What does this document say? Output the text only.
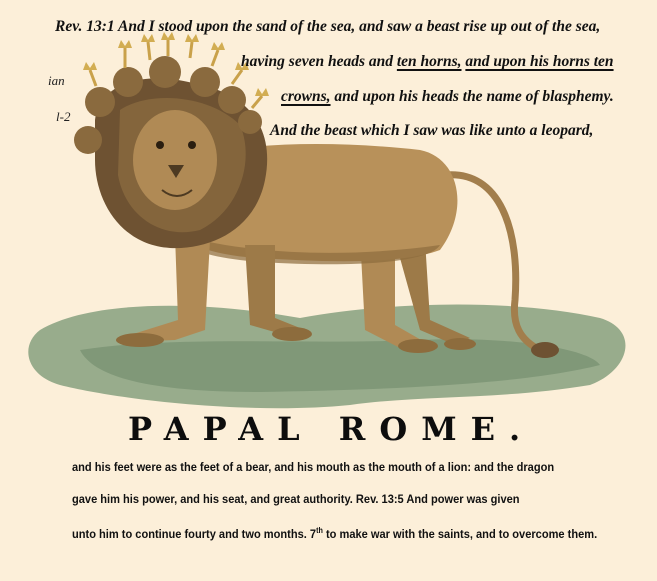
ian
l-2
Rev. 13:1 And I stood upon the sand of the sea, and saw a beast rise up out of the sea,
having seven heads and ten horns, and upon his horns ten
crowns, and upon his heads the name of blasphemy.
And the beast which I saw was like unto a leopard,
PAPAL ROME.
and his feet were as the feet of a bear, and his mouth as the mouth of a lion: and the dragon
gave him his power, and his seat, and great authority. Rev. 13:5 And power was given
unto him to continue fourty and two months. 7th to make war with the saints, and to overcome them.
